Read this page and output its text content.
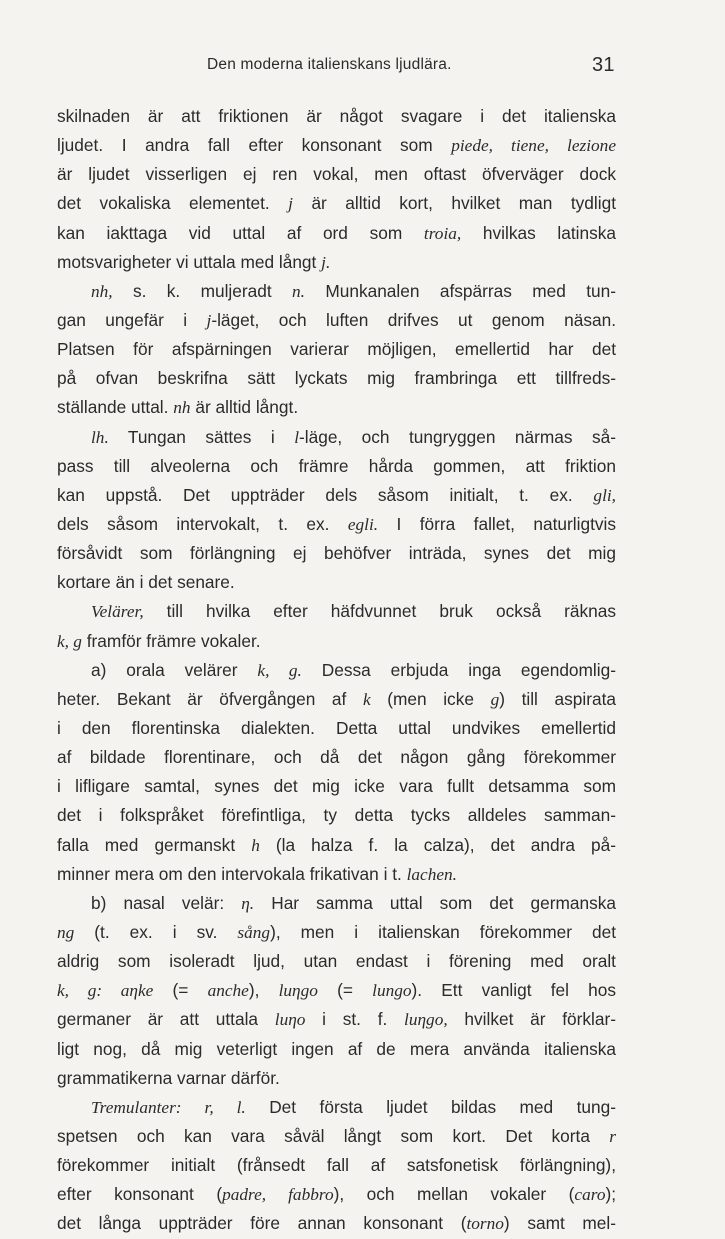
Den moderna italienskans ljudlära.	31
skilnaden är att friktionen är något svagare i det italienska
ljudet. I andra fall efter konsonant som piede, tiene, lezione
är ljudet visserligen ej ren vokal, men oftast öfverväger dock
det vokaliska elementet. j är alltid kort, hvilket man tydligt
kan iakttaga vid uttal af ord som troia, hvilkas latinska
motsvarigheter vi uttala med långt j.
nh, s. k. muljeradt n. Munkanalen afspärras med tun-
gan ungefär i j-läget, och luften drifves ut genom näsan.
Platsen för afspärningen varierar möjligen, emellertid har det
på ofvan beskrifna sätt lyckats mig frambringa ett tillfreds-
ställande uttal. nh är alltid långt.
lh. Tungan sättes i l-läge, och tungryggen närmas så-
pass till alveolerna och främre hårda gommen, att friktion
kan uppstå. Det uppträder dels såsom initialt, t. ex. gli,
dels såsom intervokalt, t. ex. egli. I förra fallet, naturligtvis
försåvidt som förlängning ej behöfver inträda, synes det mig
kortare än i det senare.
Velärer, till hvilka efter häfdvunnet bruk också räknas
k, g framför främre vokaler.
a) orala velärer k, g. Dessa erbjuda inga egendomlig-
heter. Bekant är öfvergången af k (men icke g) till aspirata
i den florentinska dialekten. Detta uttal undvikes emellertid
af bildade florentinare, och då det någon gång förekommer
i lifligare samtal, synes det mig icke vara fullt detsamma som
det i folkspråket förefintliga, ty detta tycks alldeles samman-
falla med germanskt h (la halza f. la calza), det andra på-
minner mera om den intervokala frikativan i t. lachen.
b) nasal velär: η. Har samma uttal som det germanska
ng (t. ex. i sv. sång), men i italienskan förekommer det
aldrig som isoleradt ljud, utan endast i förening med oralt
k, g: aηke (= anche), luηgo (= lungo). Ett vanligt fel hos
germaner är att uttala luηo i st. f. luηgo, hvilket är förklar-
ligt nog, då mig veterligt ingen af de mera använda italienska
grammatikerna varnar därför.
Tremulanter: r, l. Det första ljudet bildas med tung-
spetsen och kan vara såväl långt som kort. Det korta r
förekommer initialt (frånsedt fall af satsfonetisk förlängning),
efter konsonant (padre, fabbro), och mellan vokaler (caro);
det långa uppträder före annan konsonant (torno) samt mel-
